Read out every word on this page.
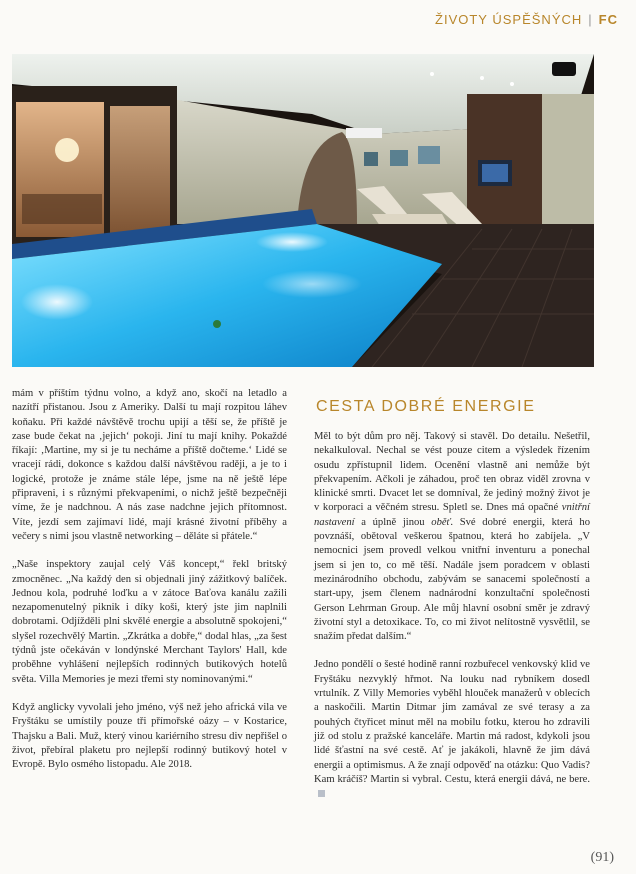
ŽIVOTY ÚSPĚŠNÝCH | FC

mám v příštím týdnu volno, a když ano, skočí na letadlo a nazítří přistanou. Jsou z Ameriky. Další tu mají rozpitou láhev koňaku. Při každé návštěvě trochu upijí a těší se, že příště je zase bude čekat na ‚jejich‘ pokoji. Jiní tu mají knihy. Pokaždé říkají: ‚Martine, my si je tu necháme a příště dočteme.‘ Lidé se vracejí rádi, dokonce s každou další návštěvou raději, a je to i logické, protože je známe stále lépe, jsme na ně ještě lépe připraveni, i s různými překvapeními, o nichž ještě bezpečněji víme, že je nadchnou. A nás zase nadchne jejich přítomnost. Víte, jezdí sem zajímaví lidé, mají krásné životní příběhy a večery s nimi jsou vlastně networking – děláte si přátele.“

„Naše inspektory zaujal celý Váš koncept,“ řekl britský zmocněnec. „Na každý den si objednali jiný zážitkový balíček. Jednou kola, podruhé loďku a v zátoce Baťova kanálu zažili nezapomenutelný piknik i díky koši, který jste jim naplnili dobrotami. Odjížděli plni skvělé energie a absolutně spokojeni,“ slyšel rozechvělý Martin. „Zkrátka a dobře,“ dodal hlas, „za šest týdnů jste očekáván v londýnské Merchant Taylors' Hall, kde proběhne vyhlášení nejlepších rodinných butikových hotelů světa. Villa Memories je mezi třemi sty nominovanými.“

Když anglicky vyvolali jeho jméno, výš než jeho africká vila ve Fryštáku se umístily pouze tři přímořské oázy – v Kostarice, Thajsku a Bali. Muž, který vinou kariérního stresu div nepřišel o život, přebíral plaketu pro nejlepší rodinný butikový hotel v Evropě. Bylo osmého listopadu. Ale 2018.

CESTA DOBRÉ ENERGIE

Měl to být dům pro něj. Takový si stavěl. Do detailu. Nešetřil, nekalkuloval. Nechal se vést pouze citem a výsledek řízením osudu zpřístupnil lidem. Ocenění vlastně ani nemůže být překvapením. Ačkoli je záhadou, proč ten obraz viděl zrovna v klinické smrti. Dvacet let se domníval, že jediný možný život je v korporaci a věčném stresu. Spletl se. Dnes má opačné vnitřní nastavení a úplně jinou oběť. Své dobré energii, která ho povznáší, obětoval veškerou špatnou, která ho zabíjela. „V nemocnici jsem provedl velkou vnitřní inventuru a ponechal jsem si jen to, co mě těší. Nadále jsem poradcem v oblasti mezinárodního obchodu, zabývám se sanacemi společností a start-upy, jsem členem nadnárodní konzultační společnosti Gerson Lehrman Group. Ale můj hlavní osobní směr je zdravý životní styl a detoxikace. To, co mi život nelítostně vysvětlil, se snažím předat dalším.“

Jedno pondělí o šesté hodině ranní rozbuřecel venkovský klid ve Fryštáku nezvyklý hřmot. Na louku nad rybníkem dosedl vrtulník. Z Villy Memories vyběhl hlouček manažerů v oblecích a naskočili. Martin Ditmar jim zamával ze své terasy a za pouhých čtyřicet minut měl na mobilu fotku, kterou ho zdravili již od stolu z pražské kanceláře. Martin má radost, kdykoli jsou lidé šťastní na své cestě. Ať je jakákoli, hlavně že jim dává energii a optimismus. A že znají odpověď na otázku: Quo Vadis? Kam kráčíš? Martin si vybral. Cestu, která energii dává, ne bere.

(91)
